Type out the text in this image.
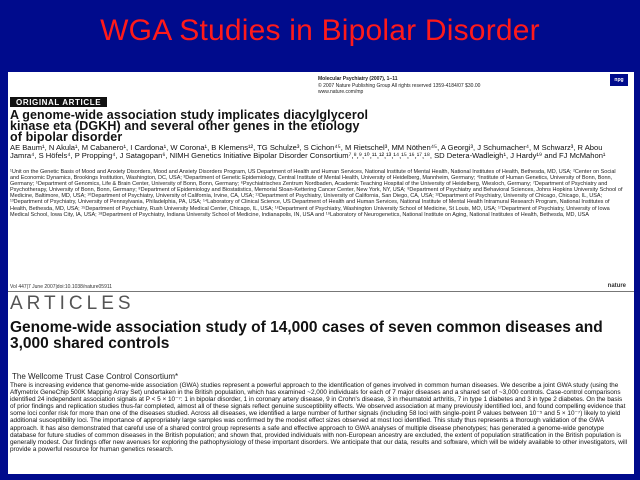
WGA Studies in Bipolar Disorder
Molecular Psychiatry (2007), 1–11
© 2007 Nature Publishing Group All rights reserved 1359-4184/07 $30.00
www.nature.com/mp
npg
ORIGINAL ARTICLE
A genome-wide association study implicates diacylglycerol kinase eta (DGKH) and several other genes in the etiology of bipolar disorder
AE Baum¹, N Akula¹, M Cabanero¹, I Cardona¹, W Corona¹, B Klemens¹², TG Schulze³, S Cichon⁴⁵, M Rietschel³, MM Nöthen⁴⁵, A Georgi³, J Schumacher⁴, M Schwarz³, R Abou Jamra⁴, S Höfels⁴, P Propping⁴, J Satagopan⁶, NIMH Genetics Initiative Bipolar Disorder Consortium⁷,⁸,⁹,¹⁰,¹¹,¹²,¹³,¹⁴,¹⁵,¹⁶,¹⁷,¹⁸, SD Detera-Wadleigh¹, J Hardy¹⁹ and FJ McMahon¹
¹Unit on the Genetic Basis of Mood and Anxiety Disorders, Mood and Anxiety Disorders Program, US Department of Health and Human Services, National Institute of Mental Health, National Institutes of Health, Bethesda, MD, USA; ²Center on Social and Economic Dynamics, Brookings Institution, Washington, DC, USA; ³Department of Genetic Epidemiology, Central Institute of Mental Health, University of Heidelberg, Mannheim, Germany; ⁴Institute of Human Genetics, University of Bonn, Bonn, Germany; ⁵Department of Genomics, Life & Brain Center, University of Bonn, Bonn, Germany; ⁶Psychiatrisches Zentrum Nordbaden, Academic Teaching Hospital of the University of Heidelberg, Wiesloch, Germany; ⁷Department of Psychiatry and Psychotherapy, University of Bonn, Bonn, Germany; ⁸Department of Epidemiology and Biostatistics, Memorial Sloan-Kettering Cancer Center, New York, NY, USA; ⁹Department of Psychiatry and Behavioral Sciences, Johns Hopkins University School of Medicine, Baltimore, MD, USA; ¹⁰Department of Psychiatry, University of California, Irvine, CA, USA; ¹¹Department of Psychiatry, University of California, San Diego, CA, USA; ¹²Department of Psychiatry, University of Chicago, Chicago, IL, USA; ¹³Department of Psychiatry, University of Pennsylvania, Philadelphia, PA, USA; ¹⁴Laboratory of Clinical Science, US Department of Health and Human Services, National Institute of Mental Health Intramural Research Program, National Institutes of Health, Bethesda, MD, USA; ¹⁵Department of Psychiatry, Rush University Medical Center, Chicago, IL, USA; ¹⁶Department of Psychiatry, Washington University School of Medicine, St Louis, MO, USA; ¹⁷Department of Psychiatry, University of Iowa Medical School, Iowa City, IA, USA; ¹⁸Department of Psychiatry, Indiana University School of Medicine, Indianapolis, IN, USA and ¹⁹Laboratory of Neurogenetics, National Institute on Aging, National Institutes of Health, Bethesda, MD, USA
Vol 447|7 June 2007|doi:10.1038/nature05911	nature
ARTICLES
Genome-wide association study of 14,000 cases of seven common diseases and 3,000 shared controls
The Wellcome Trust Case Control Consortium*
There is increasing evidence that genome-wide association (GWA) studies represent a powerful approach to the identification of genes involved in common human diseases. We describe a joint GWA study (using the Affymetrix GeneChip 500K Mapping Array Set) undertaken in the British population, which has examined ~2,000 individuals for each of 7 major diseases and a shared set of ~3,000 controls. Case-control comparisons identified 24 independent association signals at P < 5 × 10⁻⁷: 1 in bipolar disorder, 1 in coronary artery disease, 9 in Crohn's disease, 3 in rheumatoid arthritis, 7 in type 1 diabetes and 3 in type 2 diabetes. On the basis of prior findings and replication studies thus-far completed, almost all of these signals reflect genuine susceptibility effects. We observed association at many previously identified loci, and found compelling evidence that some loci confer risk for more than one of the diseases studied. Across all diseases, we identified a large number of further signals (including 58 loci with single-point P values between 10⁻⁵ and 5 × 10⁻⁷) likely to yield additional susceptibility loci. The importance of appropriately large samples was confirmed by the modest effect sizes observed at most loci identified. This study thus represents a thorough validation of the GWA approach. It has also demonstrated that careful use of a shared control group represents a safe and effective approach to GWA analyses of multiple disease phenotypes; has generated a genome-wide genotype database for future studies of common diseases in the British population; and shown that, provided individuals with non-European ancestry are excluded, the extent of population stratification in the British population is generally modest. Our findings offer new avenues for exploring the pathophysiology of these important disorders. We anticipate that our data, results and software, which will be widely available to other investigators, will provide a powerful resource for human genetics research.
